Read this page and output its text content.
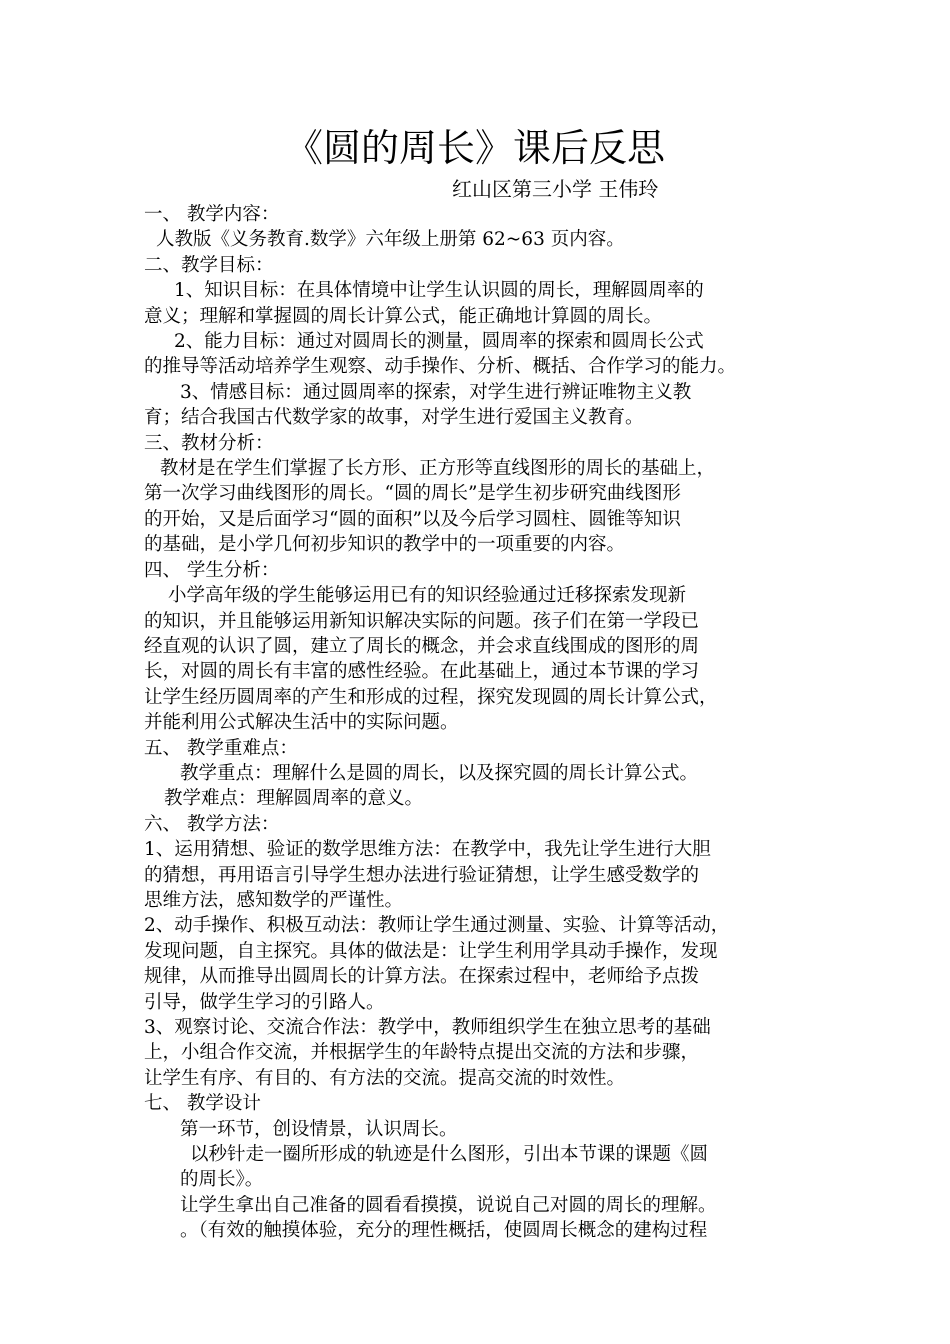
《圆的周长》课后反思
红山区第三小学 王伟玲

一、 教学内容：

人教版《义务教育.数学》六年级上册第 62~63 页内容。

二、教学目标：

1、知识目标：在具体情境中让学生认识圆的周长，理解圆周率的

意义；理解和掌握圆的周长计算公式，能正确地计算圆的周长。

2、能力目标：通过对圆周长的测量，圆周率的探索和圆周长公式

的推导等活动培养学生观察、动手操作、分析、概括、合作学习的能力。

3、情感目标：通过圆周率的探索，对学生进行辨证唯物主义教

育；结合我国古代数学家的故事，对学生进行爱国主义教育。

三、教材分析：

教材是在学生们掌握了长方形、正方形等直线图形的周长的基础上，

第一次学习曲线图形的周长。“圆的周长”是学生初步研究曲线图形

的开始，又是后面学习“圆的面积”以及今后学习圆柱、圆锥等知识

的基础，是小学几何初步知识的教学中的一项重要的内容。

四、 学生分析：

小学高年级的学生能够运用已有的知识经验通过迁移探索发现新

的知识，并且能够运用新知识解决实际的问题。孩子们在第一学段已

经直观的认识了圆，建立了周长的概念，并会求直线围成的图形的周

长，对圆的周长有丰富的感性经验。在此基础上，通过本节课的学习

让学生经历圆周率的产生和形成的过程，探究发现圆的周长计算公式，

并能利用公式解决生活中的实际问题。

五、 教学重难点：

教学重点：理解什么是圆的周长，以及探究圆的周长计算公式。

教学难点：理解圆周率的意义。

六、 教学方法：

1、运用猜想、验证的数学思维方法：在教学中，我先让学生进行大胆

的猜想，再用语言引导学生想办法进行验证猜想，让学生感受数学的

思维方法，感知数学的严谨性。

2、动手操作、积极互动法：教师让学生通过测量、实验、计算等活动，

发现问题，自主探究。具体的做法是：让学生利用学具动手操作，发现

规律，从而推导出圆周长的计算方法。在探索过程中，老师给予点拨

引导，做学生学习的引路人。

3、观察讨论、交流合作法：教学中，教师组织学生在独立思考的基础

上，小组合作交流，并根据学生的年龄特点提出交流的方法和步骤，

让学生有序、有目的、有方法的交流。提高交流的时效性。

七、 教学设计

第一环节，创设情景，认识周长。

以秒针走一圈所形成的轨迹是什么图形，引出本节课的课题《圆

的周长》。

让学生拿出自己准备的圆看看摸摸，说说自己对圆的周长的理解。

。（有效的触摸体验，充分的理性概括，使圆周长概念的建构过程
